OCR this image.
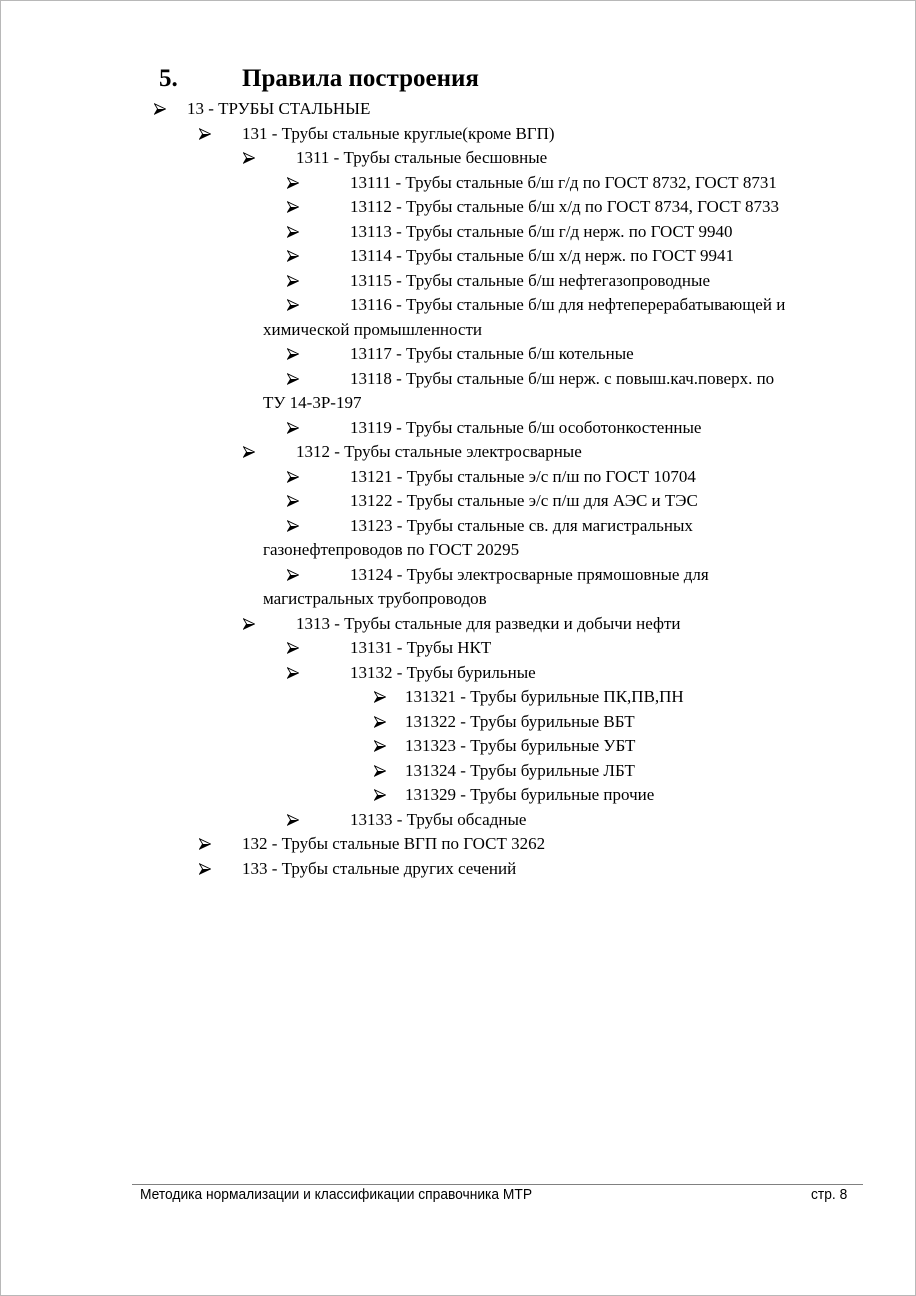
5.	Правила построения
13 - ТРУБЫ СТАЛЬНЫЕ
131 - Трубы стальные круглые(кроме ВГП)
1311 - Трубы стальные бесшовные
13111 - Трубы стальные б/ш г/д по ГОСТ 8732, ГОСТ 8731
13112 - Трубы стальные б/ш х/д по ГОСТ 8734, ГОСТ 8733
13113 - Трубы стальные б/ш г/д нерж. по ГОСТ 9940
13114 - Трубы стальные б/ш х/д нерж. по ГОСТ 9941
13115 - Трубы стальные б/ш нефтегазопроводные
13116 - Трубы стальные б/ш для нефтеперерабатывающей и
химической промышленности
13117 - Трубы стальные б/ш котельные
13118 - Трубы стальные б/ш нерж. с повыш.кач.поверх. по
ТУ 14-3Р-197
13119 - Трубы стальные б/ш особотонкостенные
1312 - Трубы стальные электросварные
13121 - Трубы стальные э/с п/ш по ГОСТ 10704
13122 - Трубы стальные э/с п/ш для АЭС и ТЭС
13123 - Трубы стальные св. для магистральных
газонефтепроводов по ГОСТ 20295
13124 - Трубы электросварные прямошовные для
магистральных трубопроводов
1313 - Трубы стальные для разведки и добычи нефти
13131 - Трубы НКТ
13132 - Трубы бурильные
131321 - Трубы бурильные ПК,ПВ,ПН
131322 - Трубы бурильные ВБТ
131323 - Трубы бурильные УБТ
131324 - Трубы бурильные ЛБТ
131329 - Трубы бурильные прочие
13133 - Трубы обсадные
132 - Трубы стальные ВГП по ГОСТ 3262
133 - Трубы стальные других сечений
Методика нормализации и классификации справочника МТР	стр. 8
